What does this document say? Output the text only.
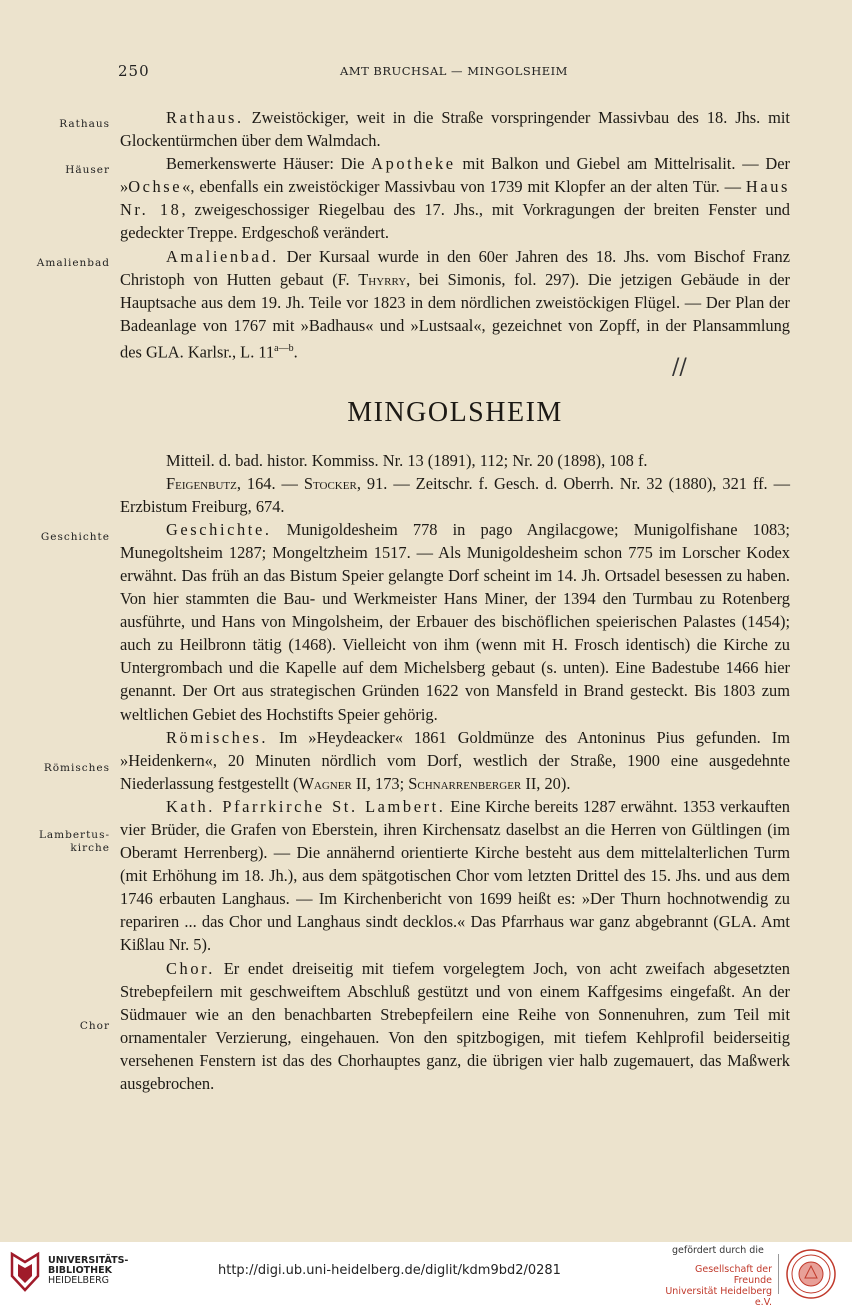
250	AMT BRUCHSAL — MINGOLSHEIM
Rathaus
Häuser
Amalienbad
Geschichte
Römisches
Lambertus-
kirche
Chor
//

Rathaus. Zweistöckiger, weit in die Straße vorspringender Massivbau des 18. Jhs. mit Glockentürmchen über dem Walmdach.

Bemerkenswerte Häuser: Die Apotheke mit Balkon und Giebel am Mittelrisalit. — Der »Ochse«, ebenfalls ein zweistöckiger Massivbau von 1739 mit Klopfer an der alten Tür. — Haus Nr. 18, zweigeschossiger Riegelbau des 17. Jhs., mit Vorkragungen der breiten Fenster und gedeckter Treppe. Erdgeschoß verändert.

Amalienbad. Der Kursaal wurde in den 60er Jahren des 18. Jhs. vom Bischof Franz Christoph von Hutten gebaut (F. Thyrry, bei Simonis, fol. 297). Die jetzigen Gebäude in der Hauptsache aus dem 19. Jh. Teile vor 1823 in dem nördlichen zweistöckigen Flügel. — Der Plan der Badeanlage von 1767 mit »Badhaus« und »Lustsaal«, gezeichnet von Zopff, in der Plansammlung des GLA. Karlsr., L. $11^{a—b}$.

MINGOLSHEIM

Mitteil. d. bad. histor. Kommiss. Nr. 13 (1891), 112; Nr. 20 (1898), 108 f.

Feigenbutz, 164. — Stocker, 91. — Zeitschr. f. Gesch. d. Oberrh. Nr. 32 (1880), 321 ff. — Erzbistum Freiburg, 674.

Geschichte. Munigoldesheim 778 in pago Angilacgowe; Munigolfishane 1083; Munegoltsheim 1287; Mongeltzheim 1517. — Als Munigoldesheim schon 775 im Lorscher Kodex erwähnt. Das früh an das Bistum Speier gelangte Dorf scheint im 14. Jh. Ortsadel besessen zu haben. Von hier stammten die Bau- und Werkmeister Hans Miner, der 1394 den Turmbau zu Rotenberg ausführte, und Hans von Mingolsheim, der Erbauer des bischöflichen speierischen Palastes (1454); auch zu Heilbronn tätig (1468). Vielleicht von ihm (wenn mit H. Frosch identisch) die Kirche zu Untergrombach und die Kapelle auf dem Michelsberg gebaut (s. unten). Eine Badestube 1466 hier genannt. Der Ort aus strategischen Gründen 1622 von Mansfeld in Brand gesteckt. Bis 1803 zum weltlichen Gebiet des Hochstifts Speier gehörig.

Römisches. Im »Heydeacker« 1861 Goldmünze des Antoninus Pius gefunden. Im »Heidenkern«, 20 Minuten nördlich vom Dorf, westlich der Straße, 1900 eine ausgedehnte Niederlassung festgestellt (Wagner II, 173; Schnarrenberger II, 20).

Kath. Pfarrkirche St. Lambert. Eine Kirche bereits 1287 erwähnt. 1353 verkauften vier Brüder, die Grafen von Eberstein, ihren Kirchensatz daselbst an die Herren von Gültlingen (im Oberamt Herrenberg). — Die annähernd orientierte Kirche besteht aus dem mittelalterlichen Turm (mit Erhöhung im 18. Jh.), aus dem spätgotischen Chor vom letzten Drittel des 15. Jhs. und aus dem 1746 erbauten Langhaus. — Im Kirchenbericht von 1699 heißt es: »Der Thurn hochnotwendig zu repariren ... das Chor und Langhaus sindt decklos.« Das Pfarrhaus war ganz abgebrannt (GLA. Amt Kißlau Nr. 5).

Chor. Er endet dreiseitig mit tiefem vorgelegtem Joch, von acht zweifach abgesetzten Strebepfeilern mit geschweiftem Abschluß gestützt und von einem Kaffgesims eingefaßt. An der Südmauer wie an den benachbarten Strebepfeilern eine Reihe von Sonnenuhren, zum Teil mit ornamentaler Verzierung, eingehauen. Von den spitzbogigen, mit tiefem Kehlprofil beiderseitig versehenen Fenstern ist das des Chorhauptes ganz, die übrigen vier halb zugemauert, das Maßwerk ausgebrochen.

UNIVERSITÄTS-
BIBLIOTHEK
HEIDELBERG
http://digi.ub.uni-heidelberg.de/diglit/kdm9bd2/0281
gefördert durch die
Gesellschaft der Freunde
Universität Heidelberg e.V.
